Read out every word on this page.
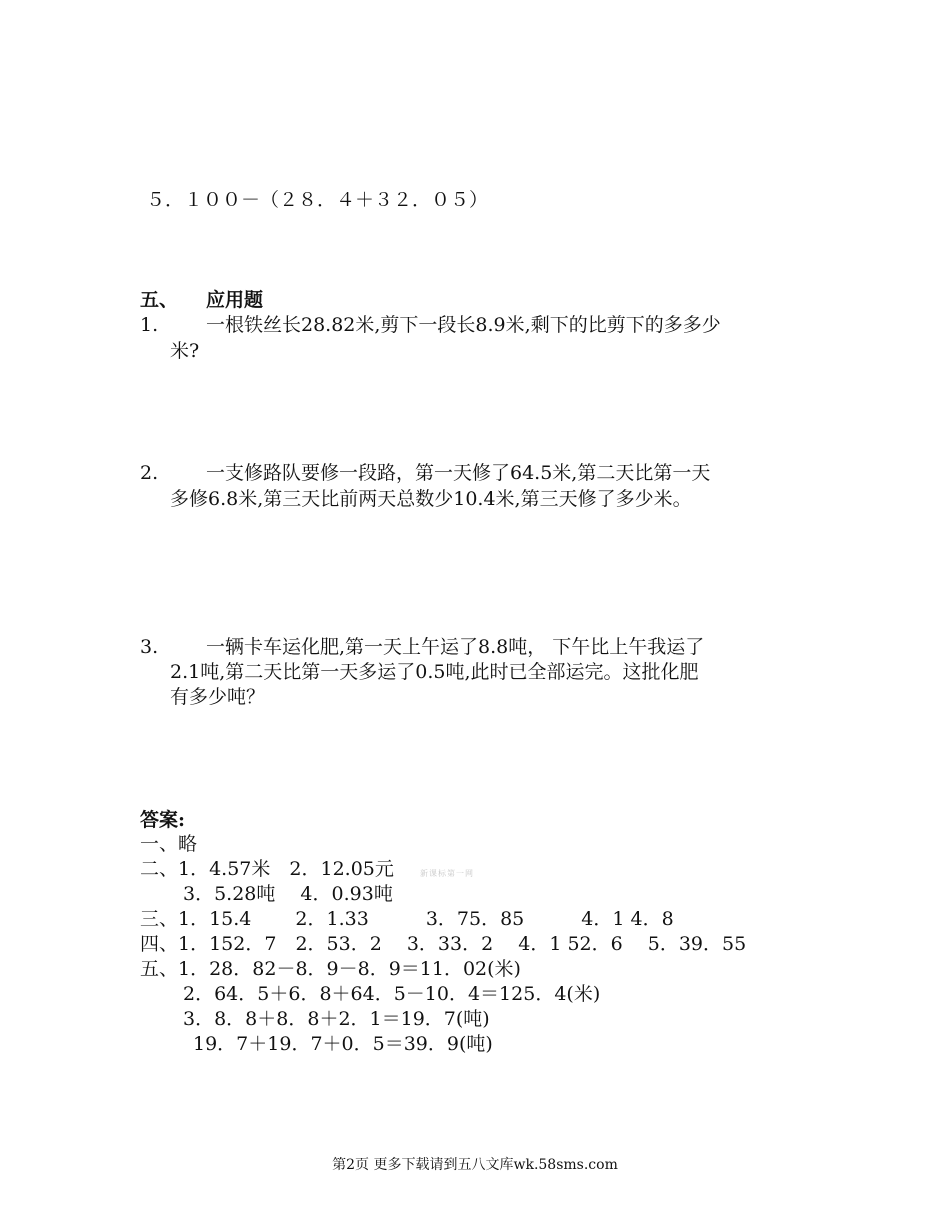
５．１００－（２８．４＋３２．０５）
五、 应用题
1.	一根铁丝长28.82米,剪下一段长8.9米,剩下的比剪下的多多少
米?
2.	一支修路队要修一段路，第一天修了64.5米,第二天比第一天
多修6.8米,第三天比前两天总数少10.4米,第三天修了多少米。
3.	一辆卡车运化肥,第一天上午运了8.8吨， 下午比上午我运了
2.1吨,第二天比第一天多运了0.5吨,此时已全部运完。这批化肥
有多少吨？
答案:
一、略
二、1．4.57米　2．12.05元	新课标第一网
3．5.28吨　 4．0.93吨
三、1．15.4　　 2．1.33　　　3．75．85　　　4．1 4．8
四、1．152．7　2．53．2　 3．33．2　 4．1 52．6　 5．39．55
五、1．28．82－8．9－8．9＝11．02(米)
2．64．5＋6．8＋64．5－10．4＝125．4(米)
3．8．8＋8．8＋2．1＝19．7(吨)
19．7＋19．7＋0．5＝39．9(吨)
第2页 更多下载请到五八文库wk.58sms.com
